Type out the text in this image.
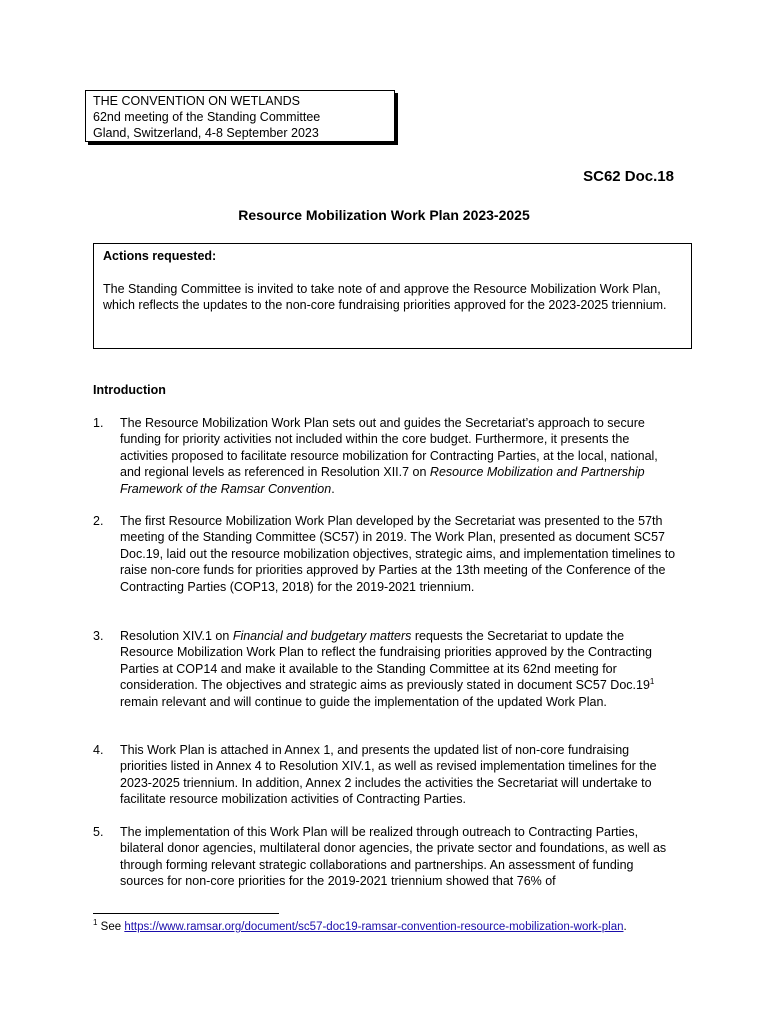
THE CONVENTION ON WETLANDS
62nd meeting of the Standing Committee
Gland, Switzerland, 4-8 September 2023
SC62 Doc.18
Resource Mobilization Work Plan 2023-2025
Actions requested:
The Standing Committee is invited to take note of and approve the Resource Mobilization Work Plan, which reflects the updates to the non-core fundraising priorities approved for the 2023-2025 triennium.
Introduction
1. The Resource Mobilization Work Plan sets out and guides the Secretariat’s approach to secure funding for priority activities not included within the core budget. Furthermore, it presents the activities proposed to facilitate resource mobilization for Contracting Parties, at the local, national, and regional levels as referenced in Resolution XII.7 on Resource Mobilization and Partnership Framework of the Ramsar Convention.
2. The first Resource Mobilization Work Plan developed by the Secretariat was presented to the 57th meeting of the Standing Committee (SC57) in 2019. The Work Plan, presented as document SC57 Doc.19, laid out the resource mobilization objectives, strategic aims, and implementation timelines to raise non-core funds for priorities approved by Parties at the 13th meeting of the Conference of the Contracting Parties (COP13, 2018) for the 2019-2021 triennium.
3. Resolution XIV.1 on Financial and budgetary matters requests the Secretariat to update the Resource Mobilization Work Plan to reflect the fundraising priorities approved by the Contracting Parties at COP14 and make it available to the Standing Committee at its 62nd meeting for consideration. The objectives and strategic aims as previously stated in document SC57 $Doc.19^1$ remain relevant and will continue to guide the implementation of the updated Work Plan.
4. This Work Plan is attached in Annex 1, and presents the updated list of non-core fundraising priorities listed in Annex 4 to Resolution XIV.1, as well as revised implementation timelines for the 2023-2025 triennium. In addition, Annex 2 includes the activities the Secretariat will undertake to facilitate resource mobilization activities of Contracting Parties.
5. The implementation of this Work Plan will be realized through outreach to Contracting Parties, bilateral donor agencies, multilateral donor agencies, the private sector and foundations, as well as through forming relevant strategic collaborations and partnerships. An assessment of funding sources for non-core priorities for the 2019-2021 triennium showed that 76% of
$^1$ See https://www.ramsar.org/document/sc57-doc19-ramsar-convention-resource-mobilization-work-plan.
